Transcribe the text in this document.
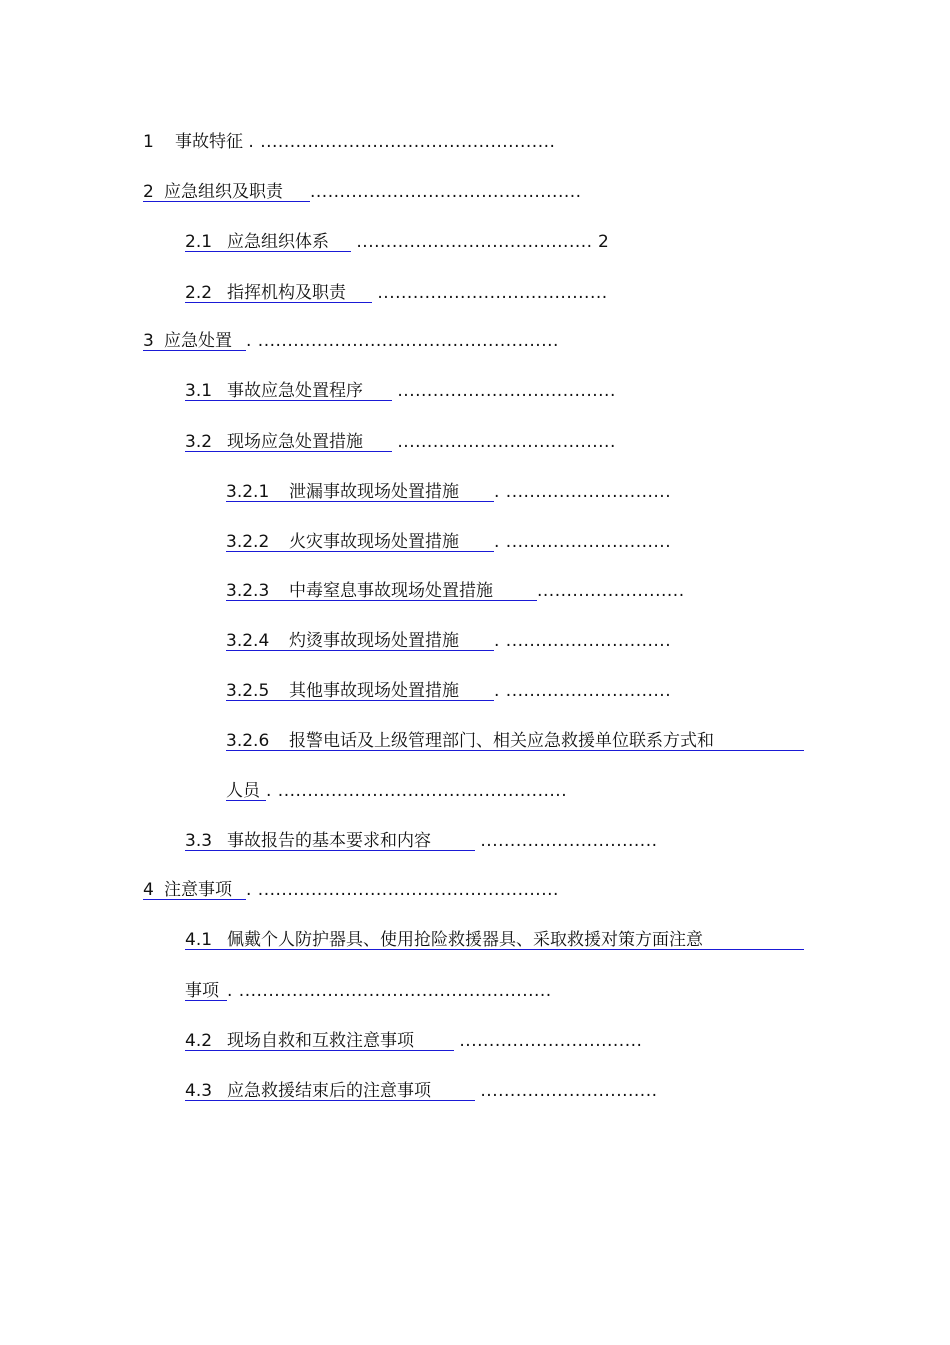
1 事故特征 . ..................................................
2 应急组织及职责 ..............................................
2.1 应急组织体系 ........................................ 2
2.2 指挥机构及职责 .......................................
3 应急处置 . ...................................................
3.1 事故应急处置程序 .....................................
3.2 现场应急处置措施 .....................................
3.2.1 泄漏事故现场处置措施 . ............................
3.2.2 火灾事故现场处置措施 . ............................
3.2.3 中毒窒息事故现场处置措施	.........................
3.2.4 灼烫事故现场处置措施 . ............................
3.2.5 其他事故现场处置措施 . ............................
3.2.6 报警电话及上级管理部门、相关应急救援单位联系方式和
人员 . .................................................
3.3 事故报告的基本要求和内容	..............................
4 注意事项 . ...................................................
4.1 佩戴个人防护器具、使用抢险救援器具、采取救援对策方面注意
事项 . .....................................................
4.2 现场自救和互救注意事项	...............................
4.3 应急救援结束后的注意事项	..............................
